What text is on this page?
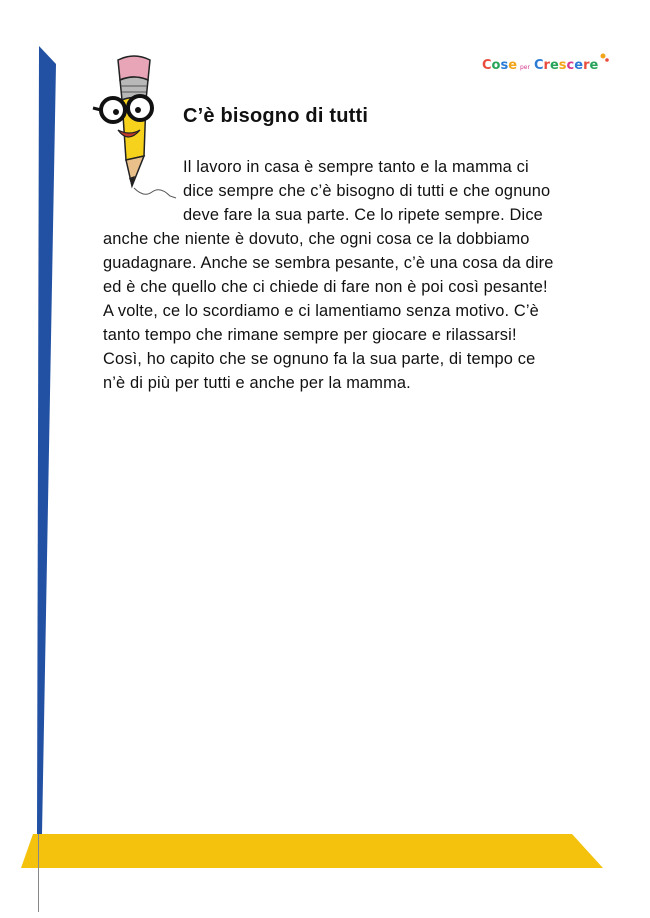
Cose per Crescere
C’è bisogno di tutti
Il lavoro in casa è sempre tanto e la mamma ci
dice sempre che c’è bisogno di tutti e che ognuno
deve fare la sua parte. Ce lo ripete sempre. Dice
anche che niente è dovuto, che ogni cosa ce la dobbiamo
guadagnare. Anche se sembra pesante, c’è una cosa da dire
ed è che quello che ci chiede di fare non è poi così pesante!
A volte, ce lo scordiamo e ci lamentiamo senza motivo. C’è
tanto tempo che rimane sempre per giocare e rilassarsi!
Così, ho capito che se ognuno fa la sua parte, di tempo ce
n’è di più per tutti e anche per la mamma.
